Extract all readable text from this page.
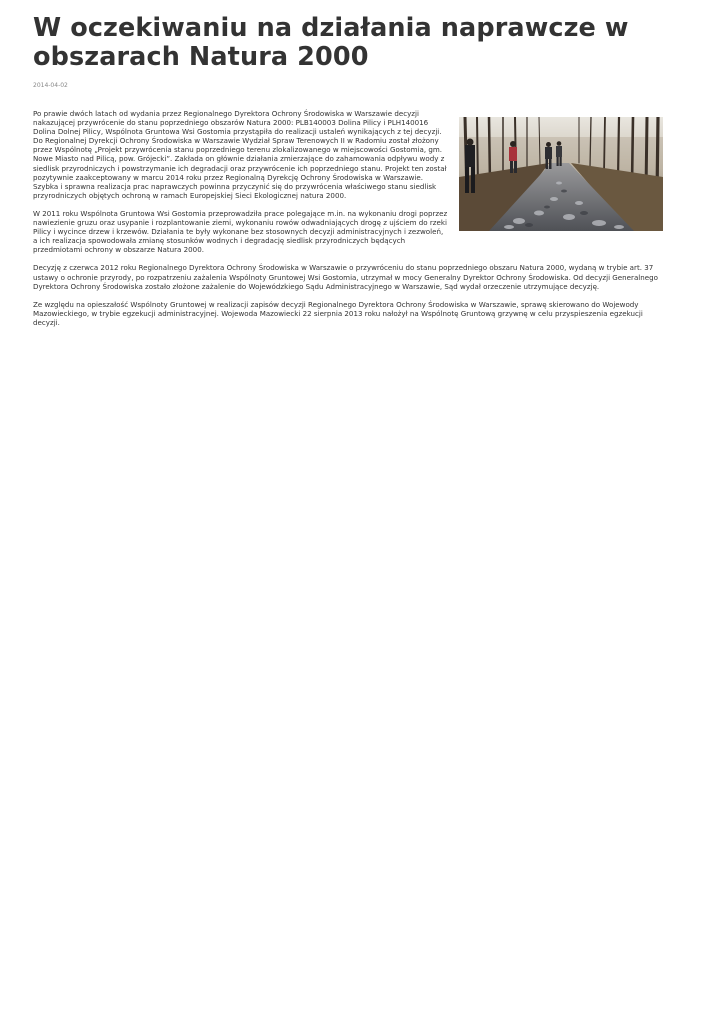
W oczekiwaniu na działania naprawcze w obszarach Natura 2000
2014-04-02

Po prawie dwóch latach od wydania przez Regionalnego Dyrektora Ochrony Środowiska w Warszawie decyzji nakazującej przywrócenie do stanu poprzedniego obszarów Natura 2000: PLB140003 Dolina Pilicy i PLH140016 Dolina Dolnej Pilicy, Wspólnota Gruntowa Wsi Gostomia przystąpiła do realizacji ustaleń wynikających z tej decyzji. Do Regionalnej Dyrekcji Ochrony Środowiska w Warszawie Wydział Spraw Terenowych II w Radomiu został złożony przez Wspólnotę „Projekt przywrócenia stanu poprzedniego terenu zlokalizowanego w miejscowości Gostomia, gm. Nowe Miasto nad Pilicą, pow. Grójecki”. Zakłada on głównie działania zmierzające do zahamowania odpływu wody z siedlisk przyrodniczych i powstrzymanie ich degradacji oraz przywrócenie ich poprzedniego stanu. Projekt ten został pozytywnie zaakceptowany w marcu 2014 roku przez Regionalną Dyrekcję Ochrony Środowiska w Warszawie. Szybka i sprawna realizacja prac naprawczych powinna przyczynić się do przywrócenia właściwego stanu siedlisk przyrodniczych objętych ochroną w ramach Europejskiej Sieci Ekologicznej natura 2000.

W 2011 roku Wspólnota Gruntowa Wsi Gostomia przeprowadziła prace polegające m.in. na wykonaniu drogi poprzez nawiezienie gruzu oraz usypanie i rozplantowanie ziemi, wykonaniu rowów odwadniających drogę z ujściem do rzeki Pilicy i wycince drzew i krzewów. Działania te były wykonane bez stosownych decyzji administracyjnych i zezwoleń, a ich realizacja spowodowała zmianę stosunków wodnych i degradację siedlisk przyrodniczych będących przedmiotami ochrony w obszarze Natura 2000.

Decyzję z czerwca 2012 roku Regionalnego Dyrektora Ochrony Środowiska w Warszawie o przywróceniu do stanu poprzedniego obszaru Natura 2000, wydaną w trybie art. 37 ustawy o ochronie przyrody, po rozpatrzeniu zażalenia Wspólnoty Gruntowej Wsi Gostomia, utrzymał w mocy Generalny Dyrektor Ochrony Środowiska. Od decyzji Generalnego Dyrektora Ochrony Środowiska zostało złożone zażalenie do Wojewódzkiego Sądu Administracyjnego w Warszawie, Sąd wydał orzeczenie utrzymujące decyzję.

Ze względu na opieszałość Wspólnoty Gruntowej w realizacji zapisów decyzji Regionalnego Dyrektora Ochrony Środowiska w Warszawie, sprawę skierowano do Wojewody Mazowieckiego, w trybie egzekucji administracyjnej. Wojewoda Mazowiecki 22 sierpnia 2013 roku nałożył na Wspólnotę Gruntową grzywnę w celu przyspieszenia egzekucji decyzji.
